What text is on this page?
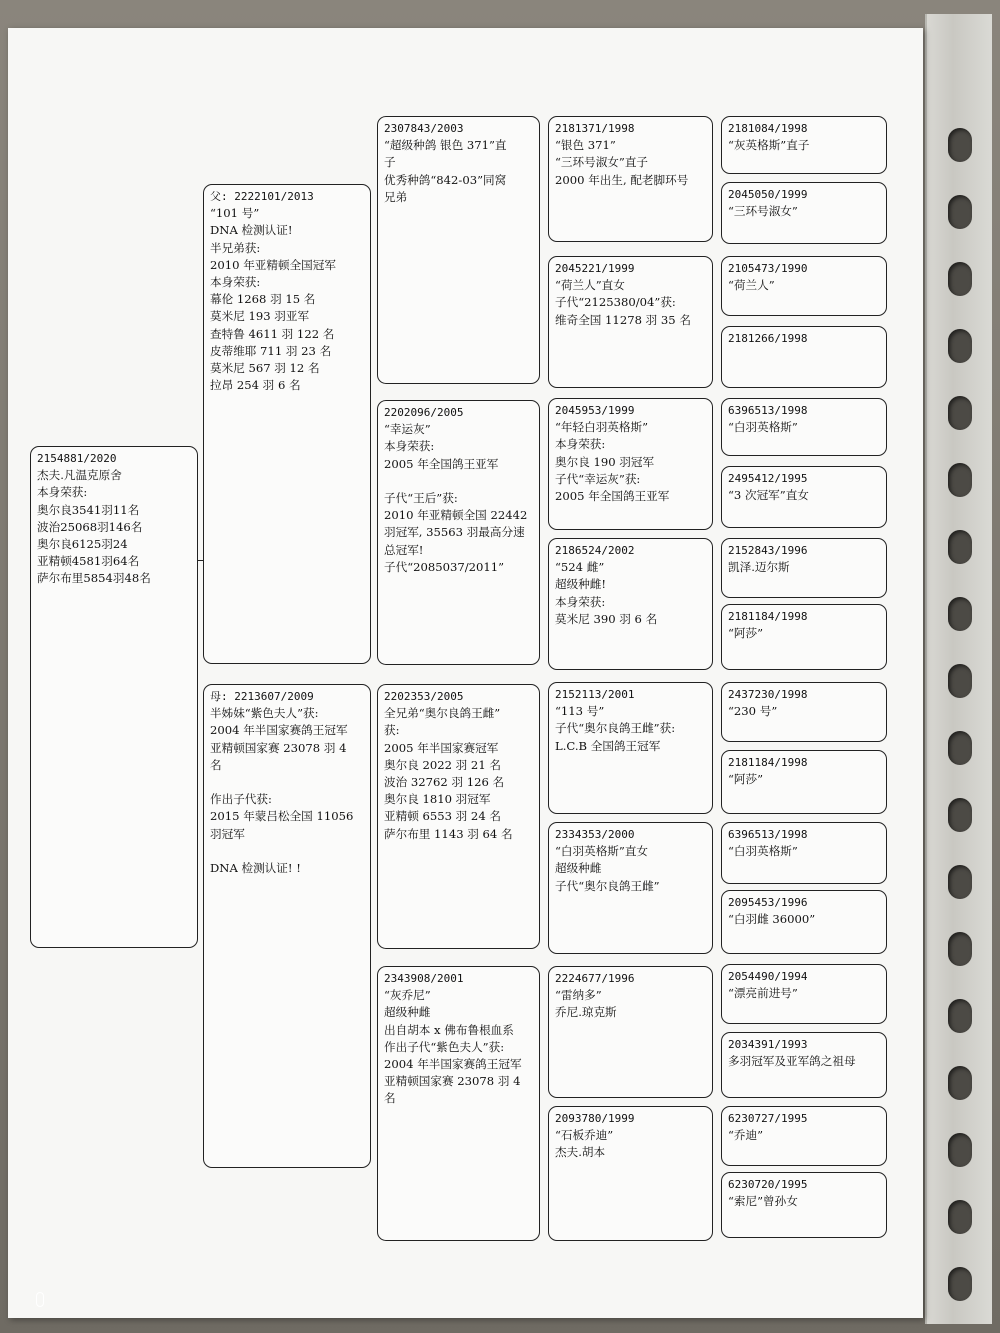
2154881/2020
杰夫.凡温克原舍
本身荣获:
奥尔良3541羽11名
波治25068羽146名
奥尔良6125羽24
亚精顿4581羽64名
萨尔布里5854羽48名
父: 2222101/2013
“101 号”
DNA 检测认证!
半兄弟获:
2010 年亚精顿全国冠军
本身荣获:
幕伦 1268 羽 15 名
莫米尼 193 羽亚军
查特鲁 4611 羽 122 名
皮蒂维耶 711 羽 23 名
莫米尼 567 羽 12 名
拉昂 254 羽 6 名
母: 2213607/2009
半姊妹“紫色夫人”获:
2004 年半国家赛鸽王冠军
亚精顿国家赛 23078 羽 4
名

作出子代获:
2015 年蒙吕松全国 11056
羽冠军

DNA 检测认证! !
2307843/2003
“超级种鸽 银色 371”直
子
优秀种鸽“842-03”同窝
兄弟
2202096/2005
“幸运灰”
本身荣获:
2005 年全国鸽王亚军

子代“王后”获:
2010 年亚精顿全国 22442
羽冠军, 35563 羽最高分速
总冠军!
子代“2085037/2011”
2202353/2005
全兄弟“奥尔良鸽王雌”
获:
2005 年半国家赛冠军
奥尔良 2022 羽 21 名
波治 32762 羽 126 名
奥尔良 1810 羽冠军
亚精顿 6553 羽 24 名
萨尔布里 1143 羽 64 名
2343908/2001
“灰乔尼”
超级种雌
出自胡本 x 佛布鲁根血系
作出子代“紫色夫人”获:
2004 年半国家赛鸽王冠军
亚精顿国家赛 23078 羽 4
名
2181371/1998
“银色 371”
“三环号淑女”直子
2000 年出生, 配老脚环号
2045221/1999
“荷兰人”直女
子代“2125380/04”获:
维奇全国 11278 羽 35 名
2045953/1999
“年轻白羽英格斯”
本身荣获:
奥尔良 190 羽冠军
子代“幸运灰”获:
2005 年全国鸽王亚军
2186524/2002
“524 雌”
超级种雌!
本身荣获:
莫米尼 390 羽 6 名
2152113/2001
“113 号”
子代“奥尔良鸽王雌”获:
L.C.B 全国鸽王冠军
2334353/2000
“白羽英格斯”直女
超级种雌
子代“奥尔良鸽王雌”
2224677/1996
“雷纳多”
乔尼.琼克斯
2093780/1999
“石板乔迪”
杰夫.胡本
2181084/1998
“灰英格斯”直子
2045050/1999
“三环号淑女”
2105473/1990
“荷兰人”
2181266/1998
6396513/1998
“白羽英格斯”
2495412/1995
“3 次冠军”直女
2152843/1996
凯泽.迈尔斯
2181184/1998
“阿莎”
2437230/1998
“230 号”
2181184/1998
“阿莎”
6396513/1998
“白羽英格斯”
2095453/1996
“白羽雌 36000”
2054490/1994
“漂亮前进号”
2034391/1993
多羽冠军及亚军鸽之祖母
6230727/1995
“乔迪”
6230720/1995
“索尼”曾孙女
